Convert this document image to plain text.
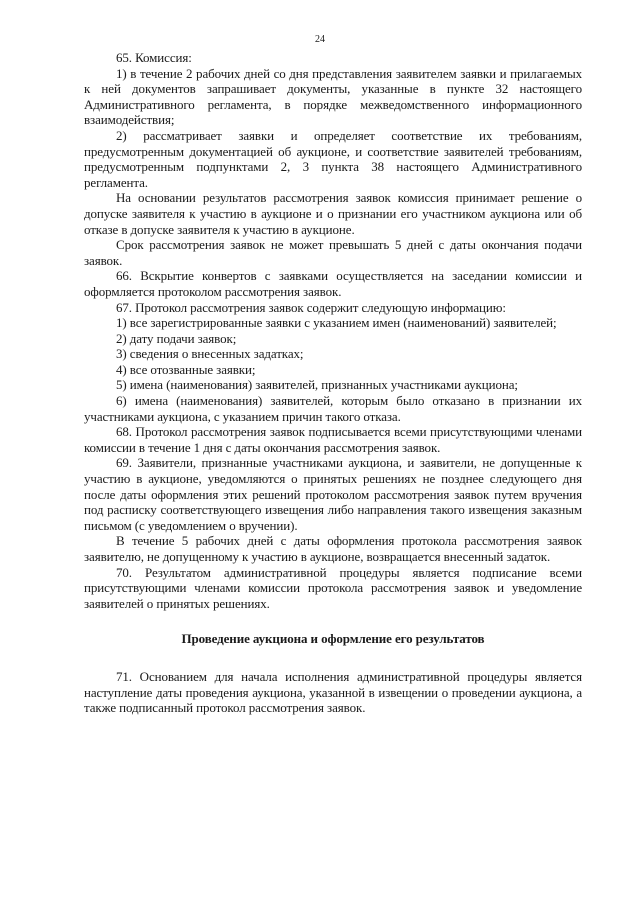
24

65. Комиссия:

1) в течение 2 рабочих дней со дня представления заявителем заявки и прилагаемых к ней документов запрашивает документы, указанные в пункте 32 настоящего Административного регламента, в порядке межведомственного информационного взаимодействия;

2) рассматривает заявки и определяет соответствие их требованиям, предусмотренным документацией об аукционе, и соответствие заявителей требованиям, предусмотренным подпунктами 2, 3 пункта 38 настоящего Административного регламента.

На основании результатов рассмотрения заявок комиссия принимает решение о допуске заявителя к участию в аукционе и о признании его участником аукциона или об отказе в допуске заявителя к участию в аукционе.

Срок рассмотрения заявок не может превышать 5 дней с даты окончания подачи заявок.

66. Вскрытие конвертов с заявками осуществляется на заседании комиссии и оформляется протоколом рассмотрения заявок.

67. Протокол рассмотрения заявок содержит следующую информацию:

1) все зарегистрированные заявки с указанием имен (наименований) заявителей;

2) дату подачи заявок;

3) сведения о внесенных задатках;

4) все отозванные заявки;

5) имена (наименования) заявителей, признанных участниками аукциона;

6) имена (наименования) заявителей, которым было отказано в признании их участниками аукциона, с указанием причин такого отказа.

68. Протокол рассмотрения заявок подписывается всеми присутствующими членами комиссии в течение 1 дня с даты окончания рассмотрения заявок.

69. Заявители, признанные участниками аукциона, и заявители, не допущенные к участию в аукционе, уведомляются о принятых решениях не позднее следующего дня после даты оформления этих решений протоколом рассмотрения заявок путем вручения под расписку соответствующего извещения либо направления такого извещения заказным письмом (с уведомлением о вручении).

В течение 5 рабочих дней с даты оформления протокола рассмотрения заявок заявителю, не допущенному к участию в аукционе, возвращается внесенный задаток.

70. Результатом административной процедуры является подписание всеми присутствующими членами комиссии протокола рассмотрения заявок и уведомление заявителей о принятых решениях.

Проведение аукциона и оформление его результатов

71. Основанием для начала исполнения административной процедуры является наступление даты проведения аукциона, указанной в извещении о проведении аукциона, а также подписанный протокол рассмотрения заявок.
